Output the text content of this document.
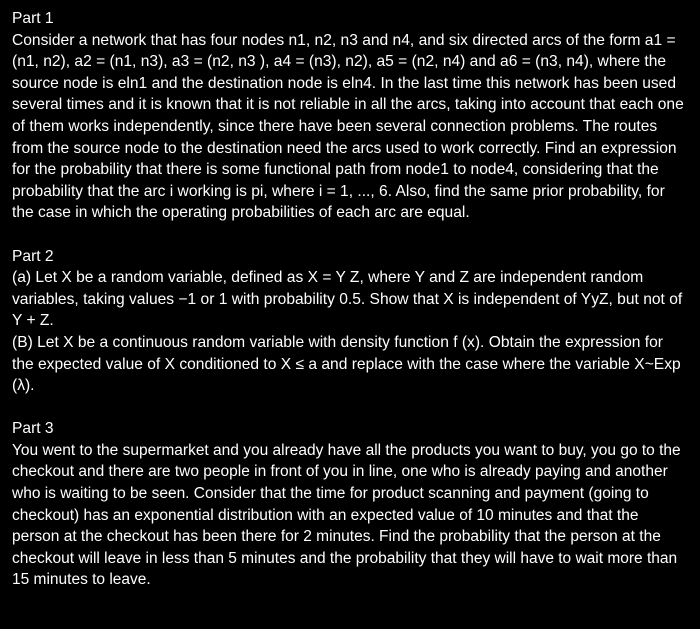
Part 1

Consider a network that has four nodes n1, n2, n3 and n4, and six directed arcs of the form a1 = (n1, n2), a2 = (n1, n3), a3 = (n2, n3 ), a4 = (n3), n2), a5 = (n2, n4) and a6 = (n3, n4), where the source node is eln1 and the destination node is eln4. In the last time this network has been used several times and it is known that it is not reliable in all the arcs, taking into account that each one of them works independently, since there have been several connection problems. The routes from the source node to the destination need the arcs used to work correctly. Find an expression for the probability that there is some functional path from node1 to node4, considering that the probability that the arc i working is pi, where i = 1, ..., 6. Also, find the same prior probability, for the case in which the operating probabilities of each arc are equal.

Part 2

(a) Let X be a random variable, defined as X = Y Z, where Y and Z are independent random variables, taking values −1 or 1 with probability 0.5. Show that X is independent of YyZ, but not of Y + Z.

(B) Let X be a continuous random variable with density function f (x). Obtain the expression for the expected value of X conditioned to X ≤ a and replace with the case where the variable X~Exp (λ).

Part 3

You went to the supermarket and you already have all the products you want to buy, you go to the checkout and there are two people in front of you in line, one who is already paying and another who is waiting to be seen. Consider that the time for product scanning and payment (going to checkout) has an exponential distribution with an expected value of 10 minutes and that the person at the checkout has been there for 2 minutes. Find the probability that the person at the checkout will leave in less than 5 minutes and the probability that they will have to wait more than 15 minutes to leave.
